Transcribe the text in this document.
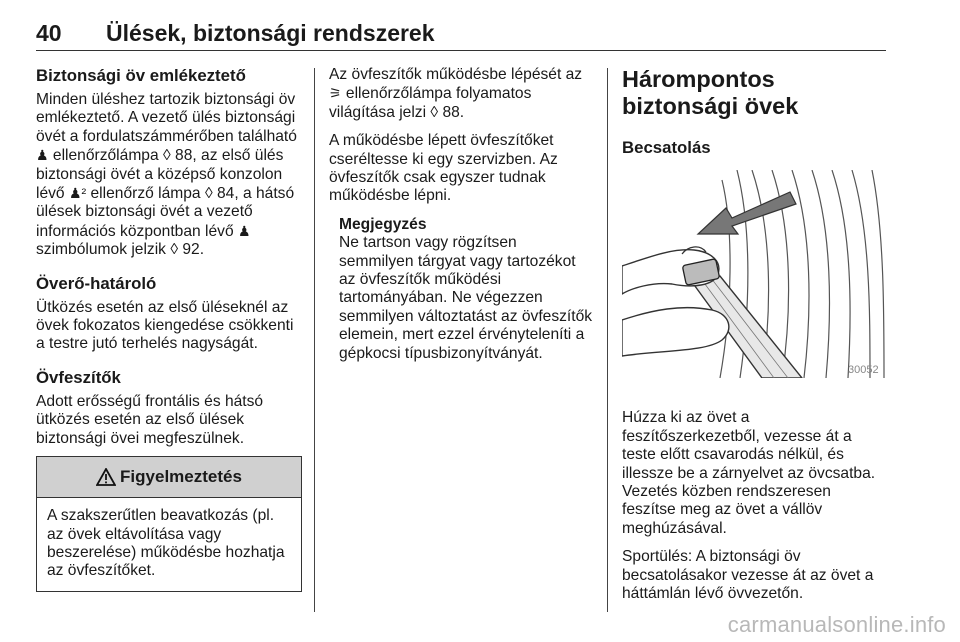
40 Ülések, biztonsági rendszerek
Biztonsági öv emlékeztető

Minden üléshez tartozik biztonsági öv emlékeztető. A vezető ülés biztonsági övét a fordulatszámmérőben található ♟ ellenőrzőlámpa ◊ 88, az első ülés biztonsági övét a középső konzolon lévő ♟² ellenőrző lámpa ◊ 84, a hátsó ülések biztonsági övét a vezető információs központban lévő ♟ szimbólumok jelzik ◊ 92.

Överő-határoló

Ütközés esetén az első üléseknél az övek fokozatos kiengedése csökkenti a testre jutó terhelés nagyságát.

Övfeszítők

Adott erősségű frontális és hátsó ütközés esetén az első ülések biztonsági övei megfeszülnek.

Figyelmeztetés
A szakszerűtlen beavatkozás (pl. az övek eltávolítása vagy beszerelése) működésbe hozhatja az övfeszítőket.

Az övfeszítők működésbe lépését az
⚞ ellenőrzőlámpa folyamatos világítása jelzi ◊ 88.

A működésbe lépett övfeszítőket cseréltesse ki egy szervizben. Az övfeszítők csak egyszer tudnak működésbe lépni.

Megjegyzés
Ne tartson vagy rögzítsen semmilyen tárgyat vagy tartozékot az övfeszítők működési tartományában. Ne végezzen semmilyen változtatást az övfeszítők elemein, mert ezzel érvényteleníti a gépkocsi típusbizonyítványát.
Hárompontos biztonsági övek
Becsatolás
30052

Húzza ki az övet a feszítőszerkezetből, vezesse át a teste előtt csavarodás nélkül, és illessze be a zárnyelvet az övcsatba. Vezetés közben rendszeresen feszítse meg az övet a vállöv meghúzásával.

Sportülés: A biztonsági öv becsatolásakor vezesse át az övet a háttámlán lévő övvezetőn.

carmanualsonline.info
